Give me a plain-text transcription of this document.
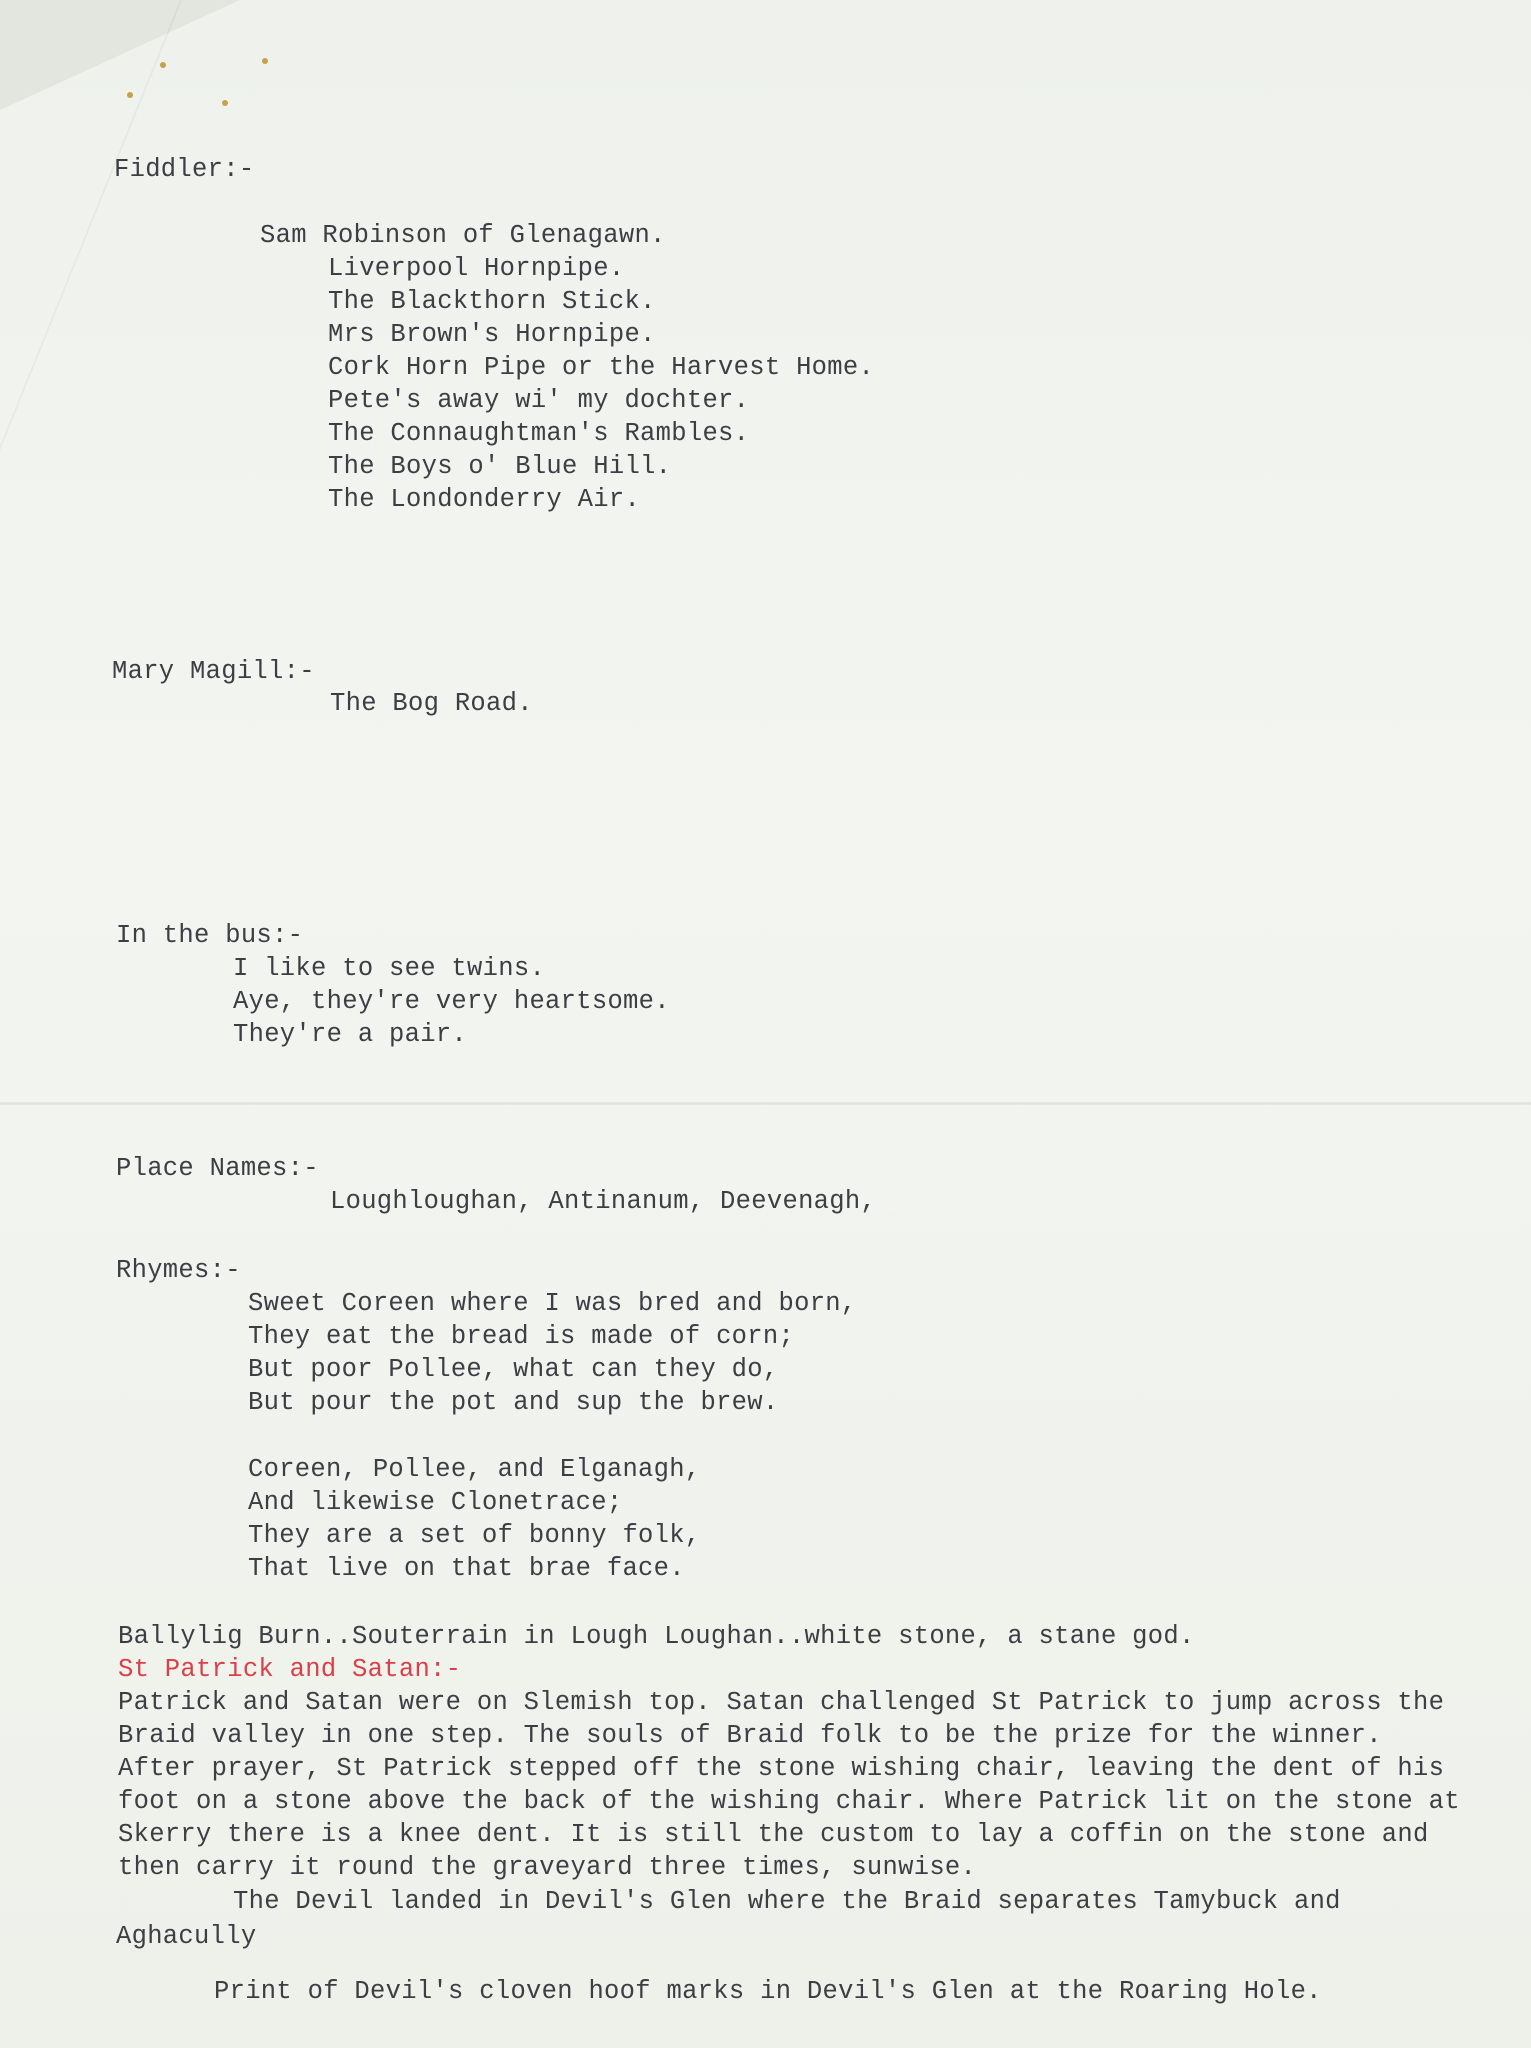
Fiddler:-
Sam Robinson of Glenagawn.
Liverpool Hornpipe.
The Blackthorn Stick.
Mrs Brown's Hornpipe.
Cork Horn Pipe or the Harvest Home.
Pete's away wi' my dochter.
The Connaughtman's Rambles.
The Boys o' Blue Hill.
The Londonderry Air.
Mary Magill:-
The Bog Road.
In the bus:-
I like to see twins.
Aye, they're very heartsome.
They're a pair.
Place Names:-
Loughloughan, Antinanum, Deevenagh,
Rhymes:-
Sweet Coreen where I was bred and born,
They eat the bread is made of corn;
But poor Pollee, what can they do,
But pour the pot and sup the brew.
Coreen, Pollee, and Elganagh,
And likewise Clonetrace;
They are a set of bonny folk,
That live on that brae face.
Ballylig Burn..Souterrain in Lough Loughan..white stone, a stane god.
St Patrick and Satan:-
Patrick and Satan were on Slemish top. Satan challenged St Patrick to jump across the
Braid valley in one step. The souls of Braid folk to be the prize for the winner.
After prayer, St Patrick stepped off the stone wishing chair, leaving the dent of his
foot on a stone above the back of the wishing chair. Where Patrick lit on the stone at
Skerry there is a knee dent. It is still the custom to lay a coffin on the stone and
then carry it round the graveyard three times, sunwise.
The Devil landed in Devil's Glen where the Braid separates Tamybuck and
Aghacully
Print of Devil's cloven hoof marks in Devil's Glen at the Roaring Hole.
